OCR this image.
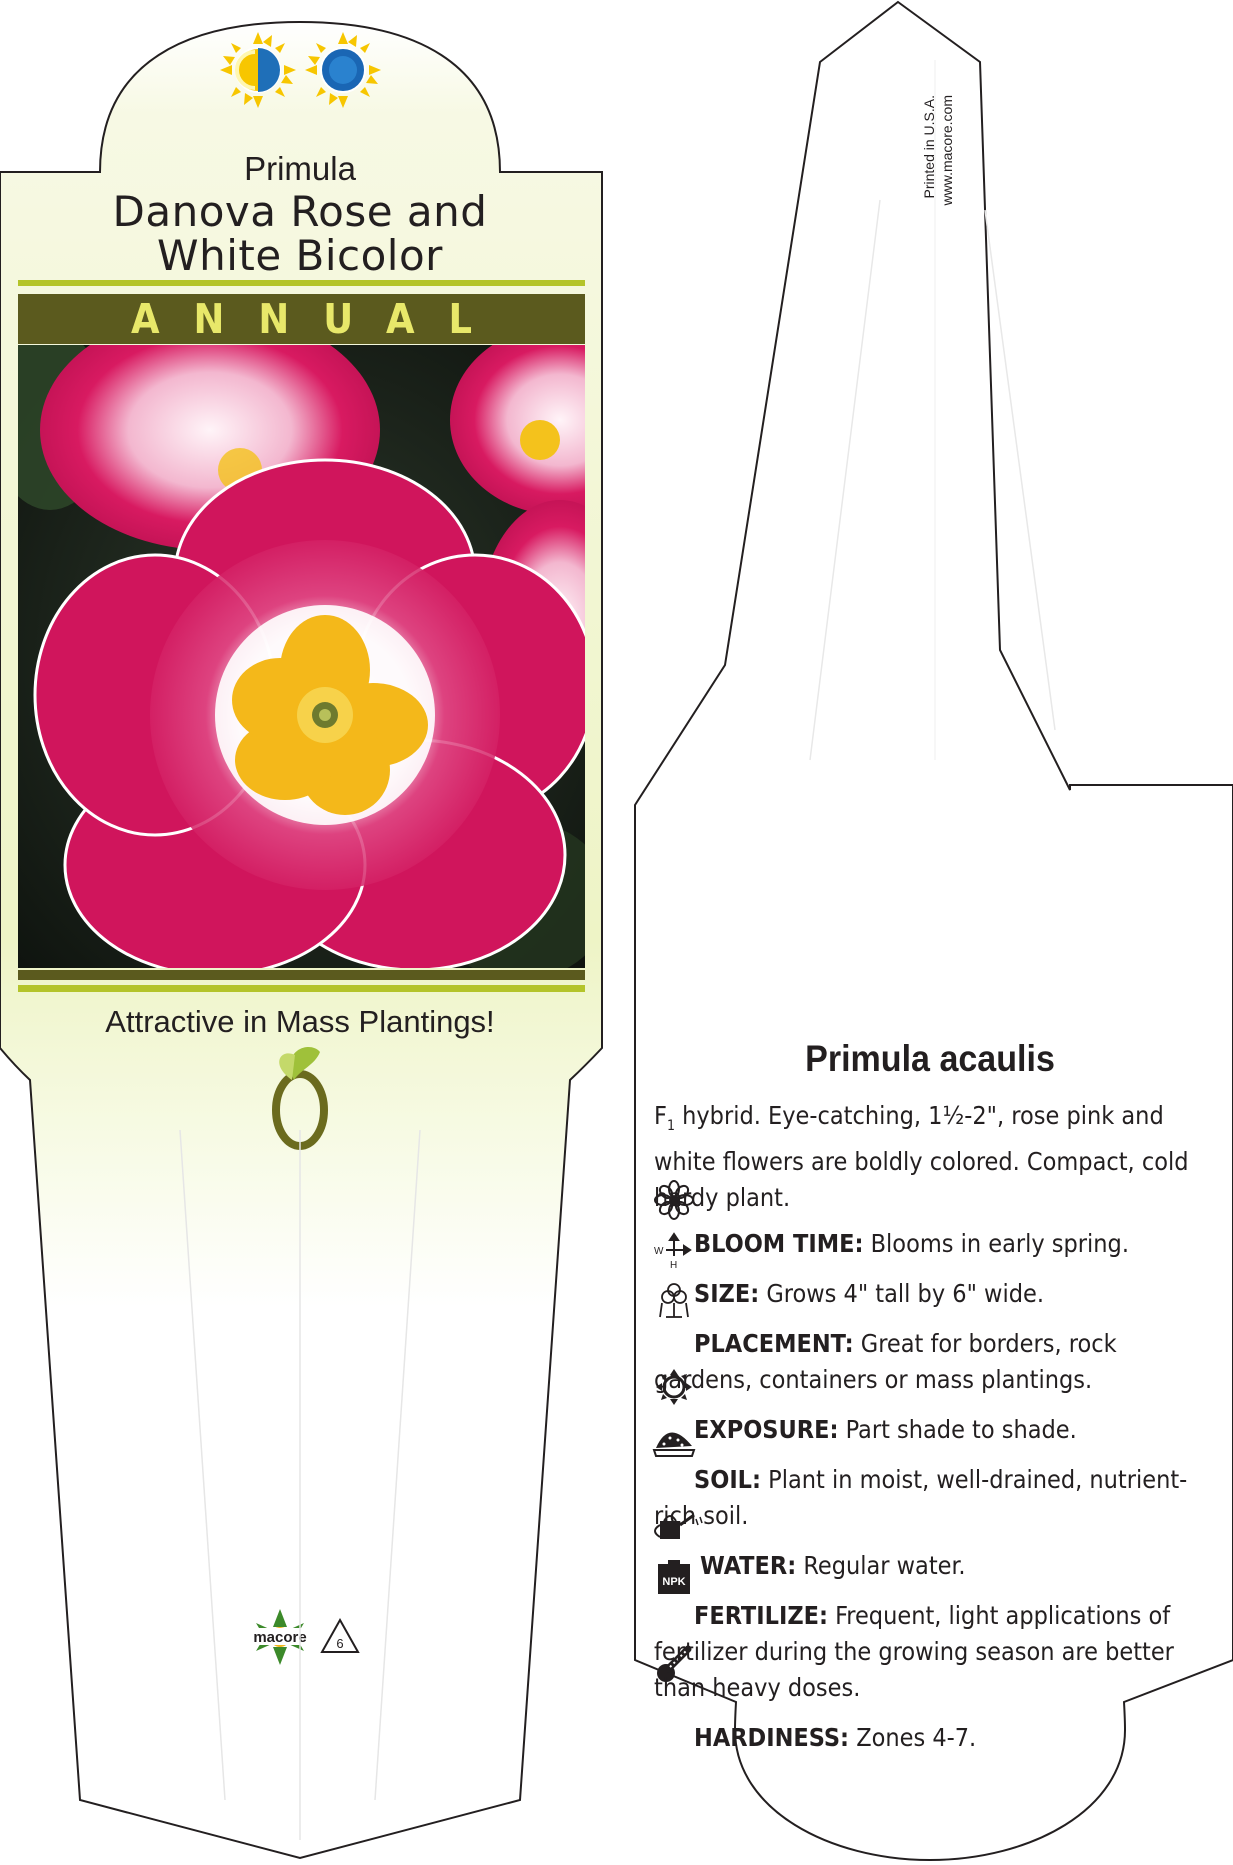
macore 6
W
H
NPK
Primula
Danova Rose and
White Bicolor
ANNUAL
Attractive in Mass Plantings!
Printed in U.S.A. www.macore.com
Primula acaulis

$F_1$ hybrid. Eye-catching, 1½-2", rose pink and white flowers are boldly colored. Compact, cold hardy plant.

BLOOM TIME: Blooms in early spring.

SIZE: Grows 4" tall by 6" wide.

PLACEMENT: Great for borders, rock gardens, containers or mass plantings.

EXPOSURE: Part shade to shade.

SOIL: Plant in moist, well-drained, nutrient-rich soil.

WATER: Regular water.

FERTILIZE: Frequent, light applications of fertilizer during the growing season are better than heavy doses.

HARDINESS: Zones 4-7.
